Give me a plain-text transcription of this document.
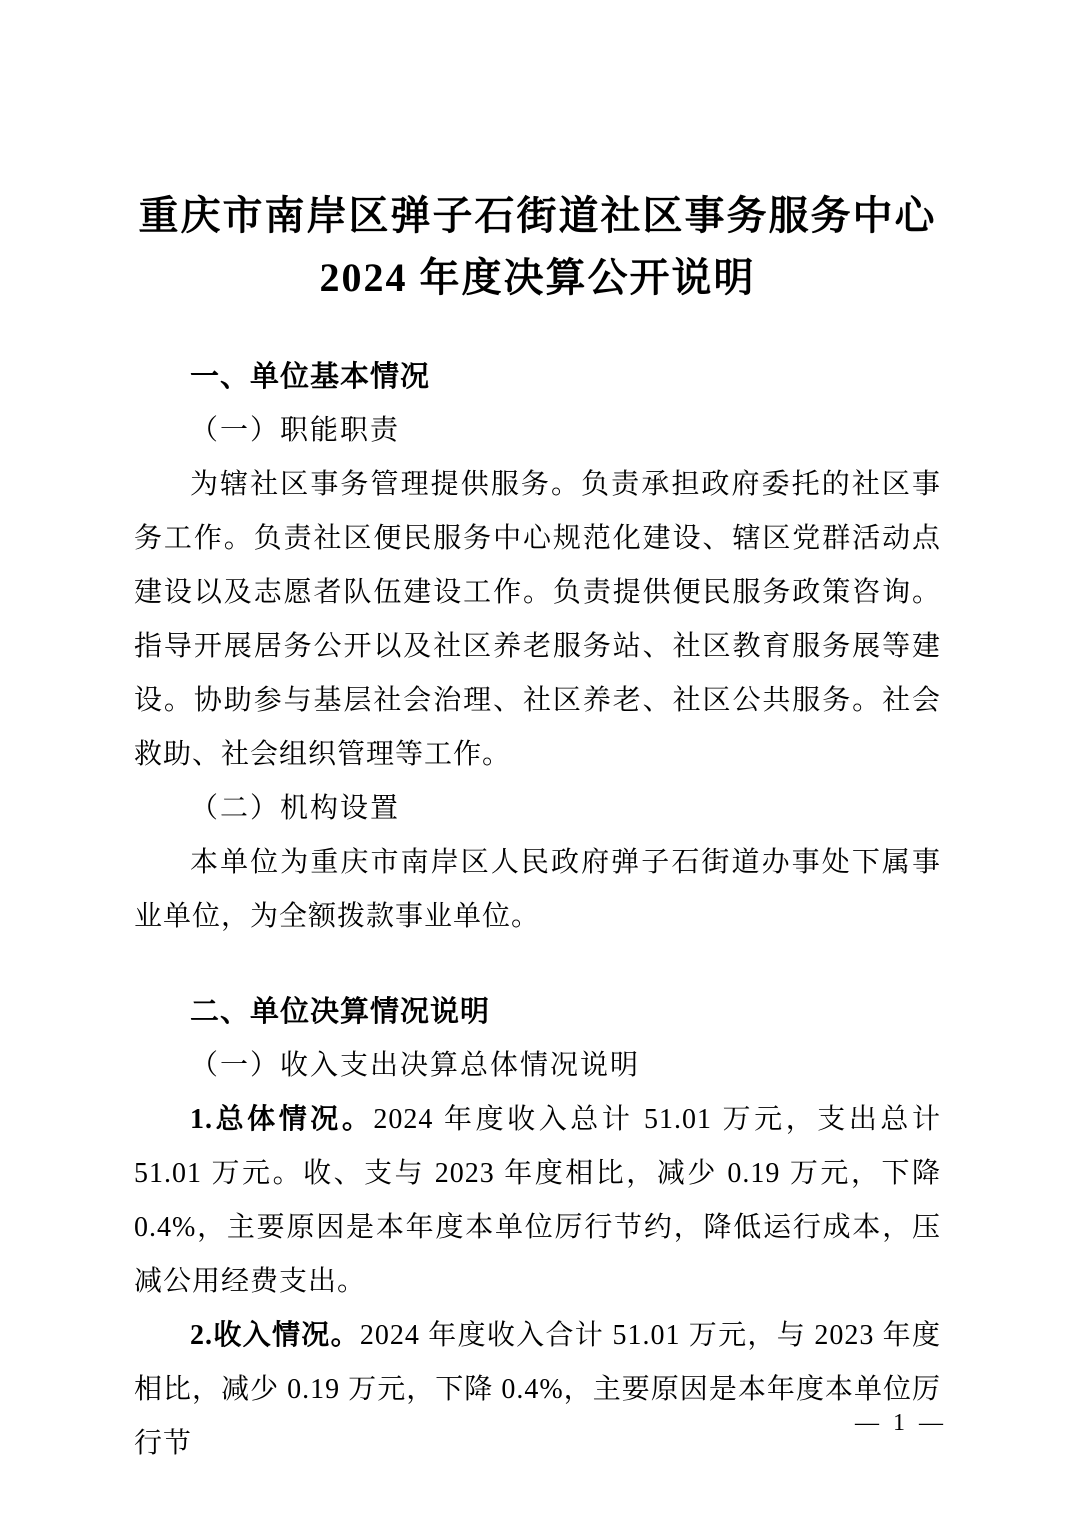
重庆市南岸区弹子石街道社区事务服务中心
2024 年度决算公开说明
一、单位基本情况
（一）职能职责

为辖社区事务管理提供服务。负责承担政府委托的社区事务工作。负责社区便民服务中心规范化建设、辖区党群活动点建设以及志愿者队伍建设工作。负责提供便民服务政策咨询。指导开展居务公开以及社区养老服务站、社区教育服务展等建设。协助参与基层社会治理、社区养老、社区公共服务。社会救助、社会组织管理等工作。

（二）机构设置

本单位为重庆市南岸区人民政府弹子石街道办事处下属事业单位，为全额拨款事业单位。

二、单位决算情况说明
（一）收入支出决算总体情况说明

1.总体情况。2024 年度收入总计 51.01 万元，支出总计 51.01 万元。收、支与 2023 年度相比，减少 0.19 万元，下降 0.4%，主要原因是本年度本单位厉行节约，降低运行成本，压减公用经费支出。

2.收入情况。2024 年度收入合计 51.01 万元，与 2023 年度相比，减少 0.19 万元，下降 0.4%，主要原因是本年度本单位厉行节

— 1 —
